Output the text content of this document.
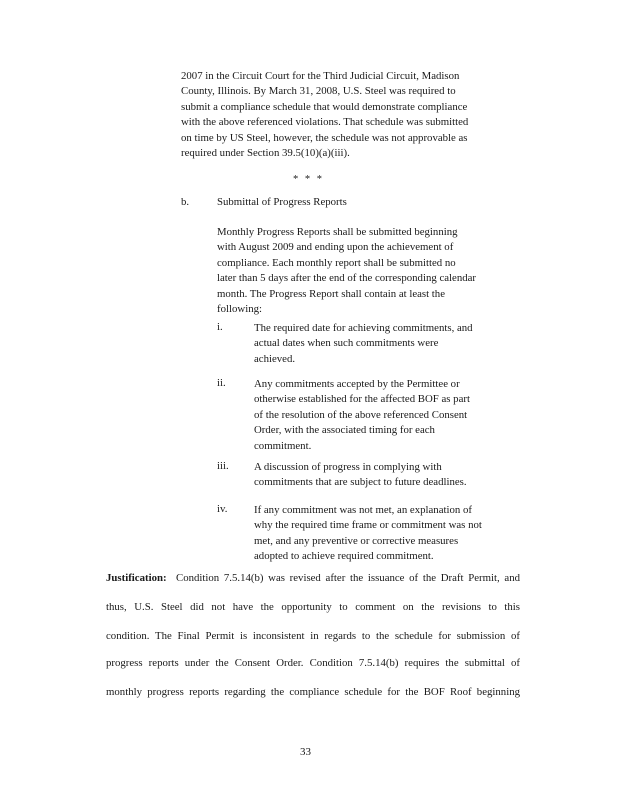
2007 in the Circuit Court for the Third Judicial Circuit, Madison
County, Illinois. By March 31, 2008, U.S. Steel was required to
submit a compliance schedule that would demonstrate compliance
with the above referenced violations. That schedule was submitted
on time by US Steel, however, the schedule was not approvable as
required under Section 39.5(10)(a)(iii).
* * *
b.	Submittal of Progress Reports
Monthly Progress Reports shall be submitted beginning
with August 2009 and ending upon the achievement of
compliance. Each monthly report shall be submitted no
later than 5 days after the end of the corresponding calendar
month. The Progress Report shall contain at least the
following:
i.	The required date for achieving commitments, and
actual dates when such commitments were
achieved.
ii.	Any commitments accepted by the Permittee or
otherwise established for the affected BOF as part
of the resolution of the above referenced Consent
Order, with the associated timing for each
commitment.
iii. A discussion of progress in complying with
commitments that are subject to future deadlines.
iv. If any commitment was not met, an explanation of
why the required time frame or commitment was not
met, and any preventive or corrective measures
adopted to achieve required commitment.
Justification: Condition 7.5.14(b) was revised after the issuance of the Draft Permit, and
thus, U.S. Steel did not have the opportunity to comment on the revisions to this
condition. The Final Permit is inconsistent in regards to the schedule for submission of
progress reports under the Consent Order. Condition 7.5.14(b) requires the submittal of
monthly progress reports regarding the compliance schedule for the BOF Roof beginning
33
